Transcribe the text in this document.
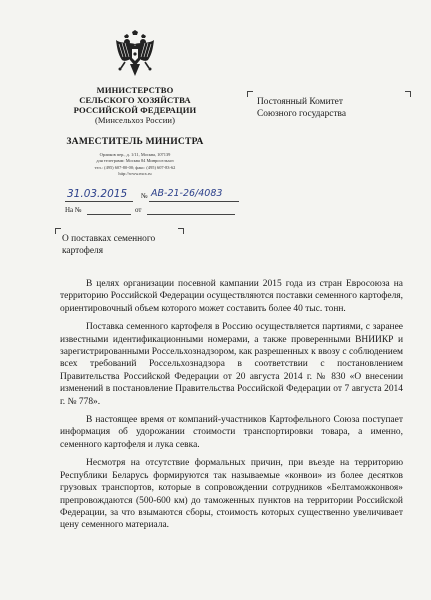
МИНИСТЕРСТВО
СЕЛЬСКОГО ХОЗЯЙСТВА
РОССИЙСКОЙ ФЕДЕРАЦИИ
(Минсельхоз России)
ЗАМЕСТИТЕЛЬ МИНИСТРА
Орликов пер., д. 1/11, Москва, 107139
для телеграмм: Москва 84 Минросельхоз
тел.: (495) 607-80-00; факс: (495) 607-83-62
http://www.mcx.ru
31.03.2015 № АВ-21-26/4083
На №	от
Постоянный Комитет
Союзного государства
О поставках семенного
картофеля

В целях организации посевной кампании 2015 года из стран Евросоюза на территорию Российской Федерации осуществляются поставки семенного картофеля, ориентировочный объем которого может составить более 40 тыс. тонн.

Поставка семенного картофеля в Россию осуществляется партиями, с заранее известными идентификационными номерами, а также проверенными ВНИИКР и зарегистрированными Россельхознадзором, как разрешенных к ввозу с соблюдением всех требований Россельхознадзора в соответствии с постановлением Правительства Российской Федерации от 20 августа 2014 г. № 830 «О внесении изменений в постановление Правительства Российской Федерации от 7 августа 2014 г. № 778».

В настоящее время от компаний-участников Картофельного Союза поступает информация об удорожании стоимости транспортировки товара, а именно, семенного картофеля и лука севка.

Несмотря на отсутствие формальных причин, при въезде на территорию Республики Беларусь формируются так называемые «конвои» из более десятков грузовых транспортов, которые в сопровождении сотрудников «Белтаможконвоя» препровождаются (500-600 км) до таможенных пунктов на территории Российской Федерации, за что взымаются сборы, стоимость которых существенно увеличивает цену семенного материала.
